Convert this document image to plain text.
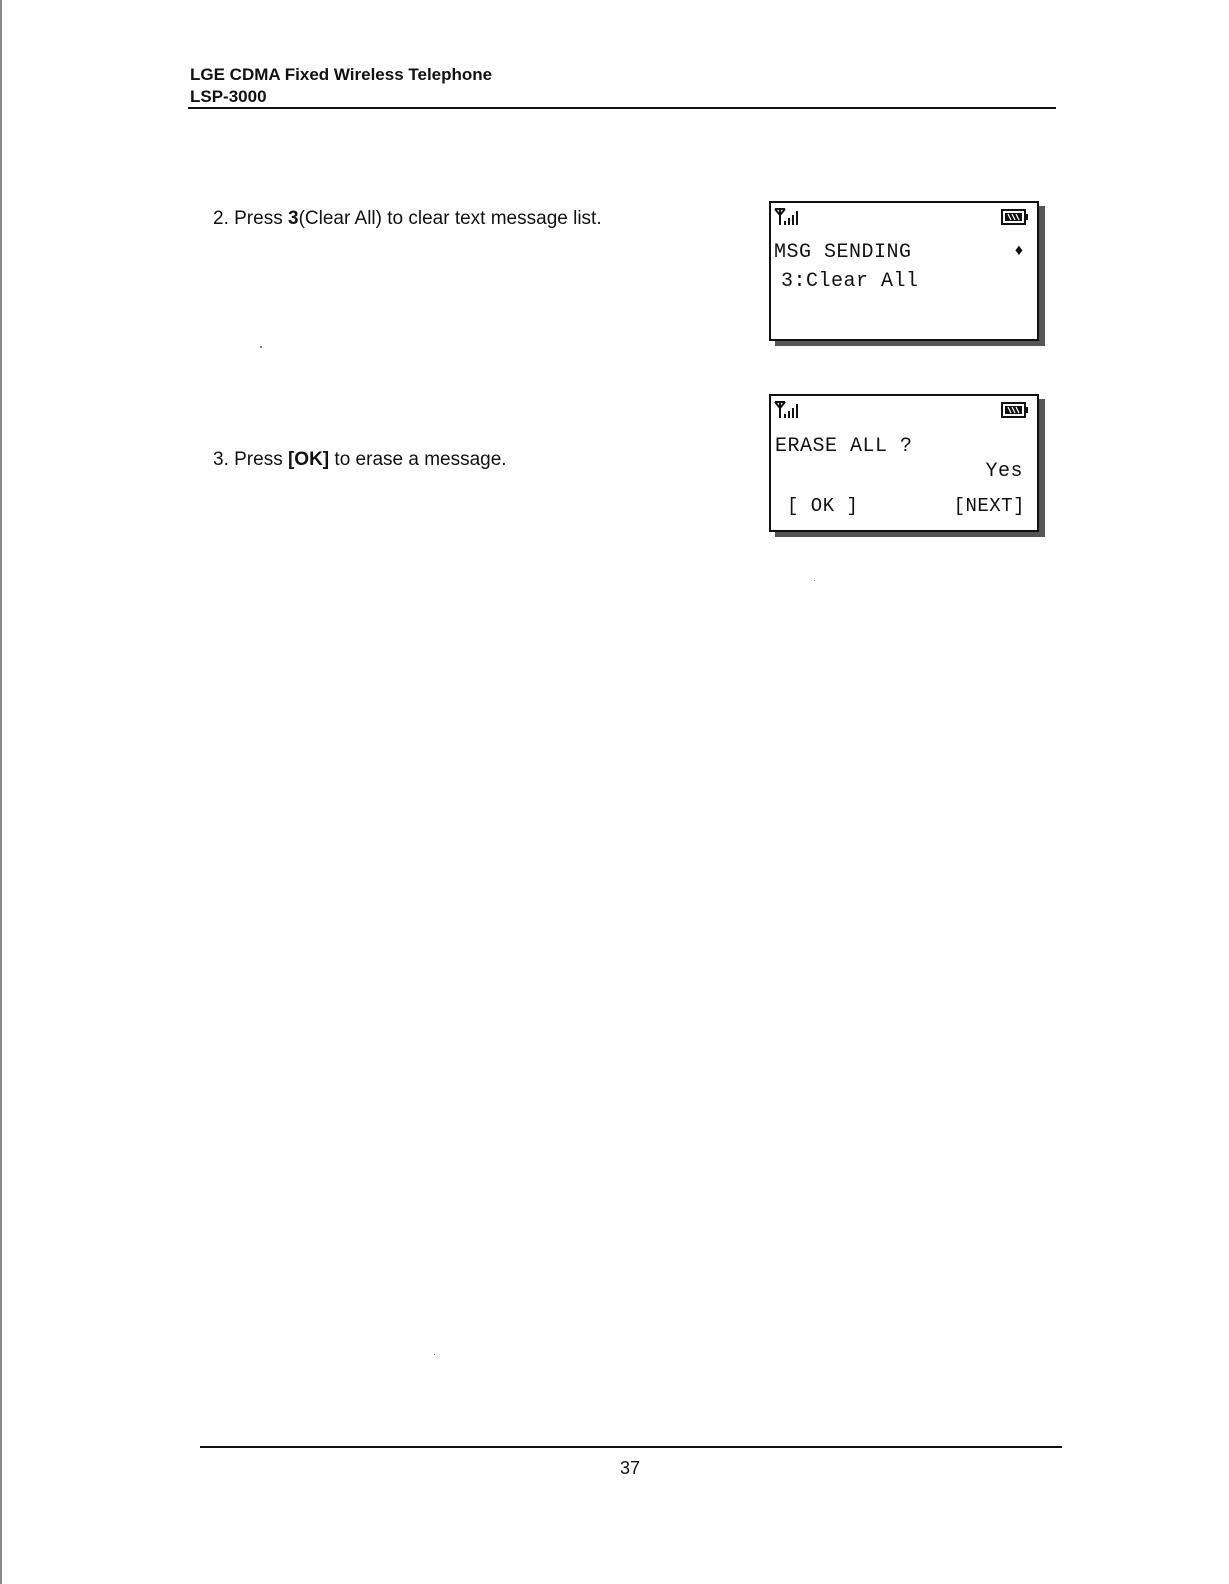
LGE CDMA Fixed Wireless Telephone
LSP-3000
2. Press 3(Clear All) to clear text message list.
3. Press [OK] to erase a message.
MSG SENDING
3:Clear All
♦
ERASE ALL ?
Yes
[ OK ]	[NEXT]
37
